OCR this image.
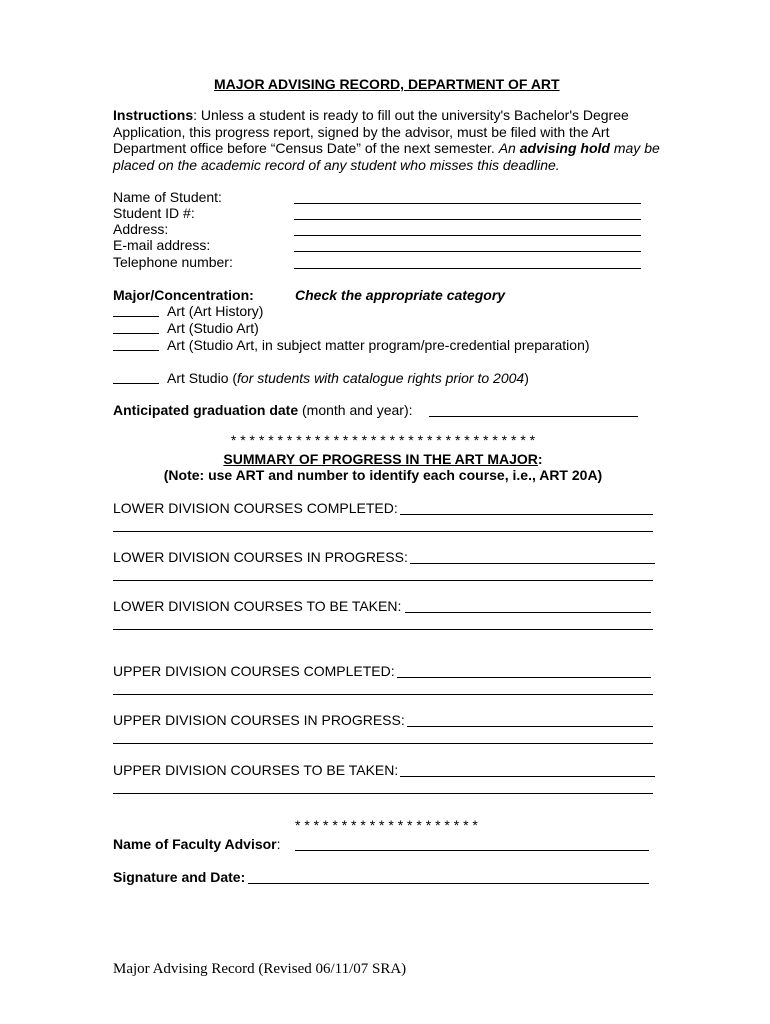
MAJOR ADVISING RECORD, DEPARTMENT OF ART
Instructions: Unless a student is ready to fill out the university's Bachelor's Degree Application, this progress report, signed by the advisor, must be filed with the Art Department office before “Census Date” of the next semester. An advising hold may be placed on the academic record of any student who misses this deadline.
Name of Student:
Student ID #:
Address:
E-mail address:
Telephone number:
Major/Concentration:	Check the appropriate category
Art (Art History)
Art (Studio Art)
Art (Studio Art, in subject matter program/pre-credential preparation)
Art Studio (for students with catalogue rights prior to 2004)
Anticipated graduation date (month and year):
* * * * * * * * * * * * * * * * * * * * * * * * * * * * * * * * *
SUMMARY OF PROGRESS IN THE ART MAJOR:
(Note: use ART and number to identify each course, i.e., ART 20A)
LOWER DIVISION COURSES COMPLETED:
LOWER DIVISION COURSES IN PROGRESS:
LOWER DIVISION COURSES TO BE TAKEN:
UPPER DIVISION COURSES COMPLETED:
UPPER DIVISION COURSES IN PROGRESS:
UPPER DIVISION COURSES TO BE TAKEN:
* * * * * * * * * * * * * * * * * * * *
Name of Faculty Advisor:
Signature and Date:
Major Advising Record (Revised 06/11/07 SRA)
